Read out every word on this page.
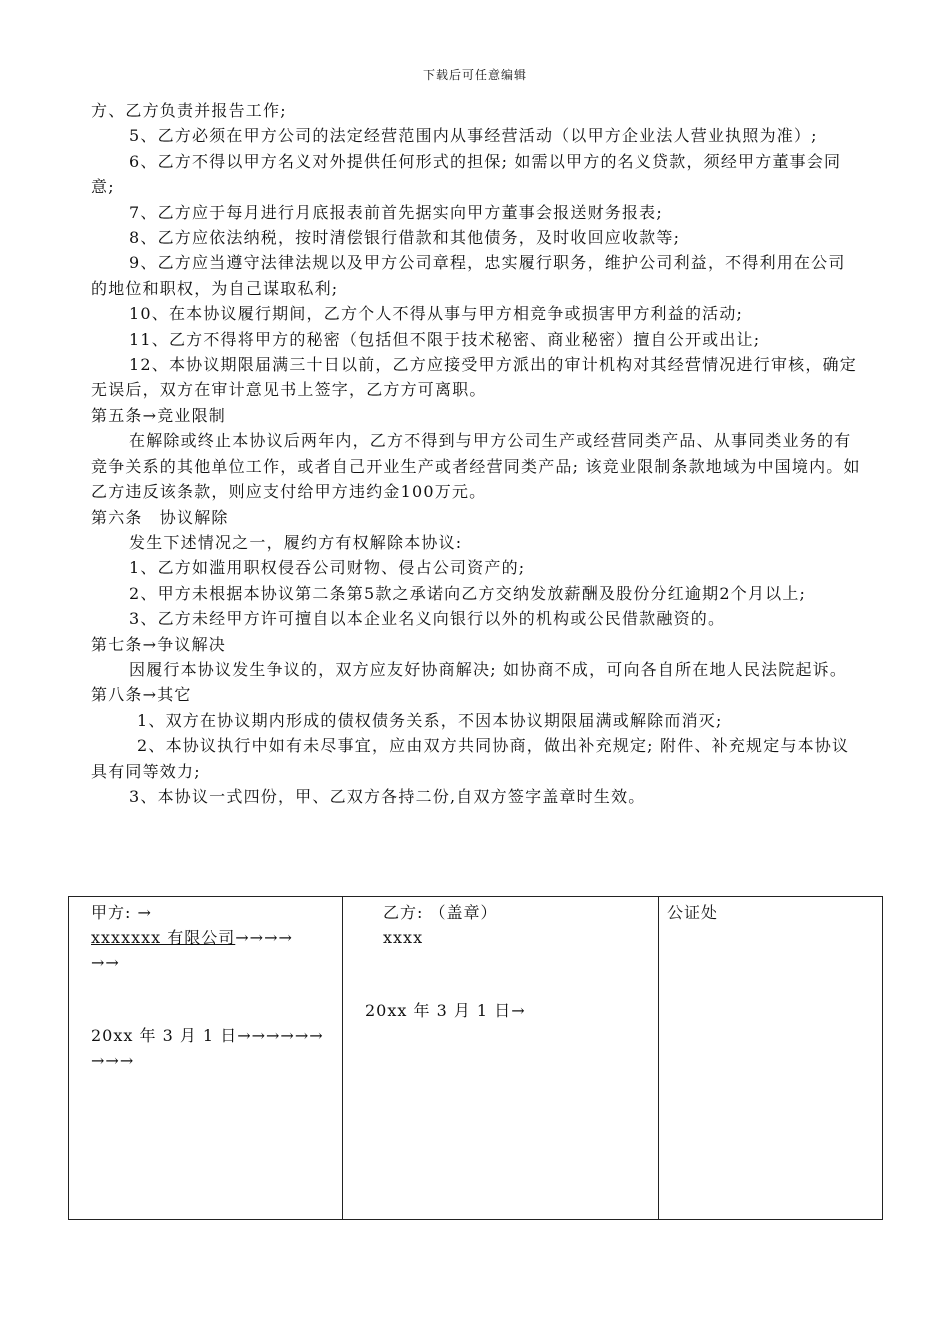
下载后可任意编辑

方、乙方负责并报告工作;

5、乙方必须在甲方公司的法定经营范围内从事经营活动（以甲方企业法人营业执照为准）;

6、乙方不得以甲方名义对外提供任何形式的担保; 如需以甲方的名义贷款，须经甲方董事会同意;

7、乙方应于每月进行月底报表前首先据实向甲方董事会报送财务报表;

8、乙方应依法纳税，按时清偿银行借款和其他债务，及时收回应收款等;

9、乙方应当遵守法律法规以及甲方公司章程，忠实履行职务，维护公司利益，不得利用在公司的地位和职权，为自己谋取私利;

10、在本协议履行期间，乙方个人不得从事与甲方相竞争或损害甲方利益的活动;

11、乙方不得将甲方的秘密（包括但不限于技术秘密、商业秘密）擅自公开或出让;

12、本协议期限届满三十日以前，乙方应接受甲方派出的审计机构对其经营情况进行审核，确定无误后，双方在审计意见书上签字，乙方方可离职。

第五条→竞业限制

在解除或终止本协议后两年内，乙方不得到与甲方公司生产或经营同类产品、从事同类业务的有竞争关系的其他单位工作，或者自己开业生产或者经营同类产品; 该竞业限制条款地域为中国境内。如乙方违反该条款，则应支付给甲方违约金100万元。

第六条　协议解除

发生下述情况之一，履约方有权解除本协议:

1、乙方如滥用职权侵吞公司财物、侵占公司资产的;

2、甲方未根据本协议第二条第5款之承诺向乙方交纳发放薪酬及股份分红逾期2个月以上;

3、乙方未经甲方许可擅自以本企业名义向银行以外的机构或公民借款融资的。

第七条→争议解决

因履行本协议发生争议的，双方应友好协商解决; 如协商不成，可向各自所在地人民法院起诉。

第八条→其它

1、双方在协议期内形成的债权债务关系，不因本协议期限届满或解除而消灭;

2、本协议执行中如有未尽事宜，应由双方共同协商，做出补充规定; 附件、补充规定与本协议具有同等效力;

3、本协议一式四份，甲、乙双方各持二份,自双方签字盖章时生效。

甲方: →
xxxxxxx 有限公司→→→→
→→
20xx 年 3 月 1 日→→→→→→
→→→

乙方: （盖章）
xxxx
20xx 年 3 月 1 日→

公证处
